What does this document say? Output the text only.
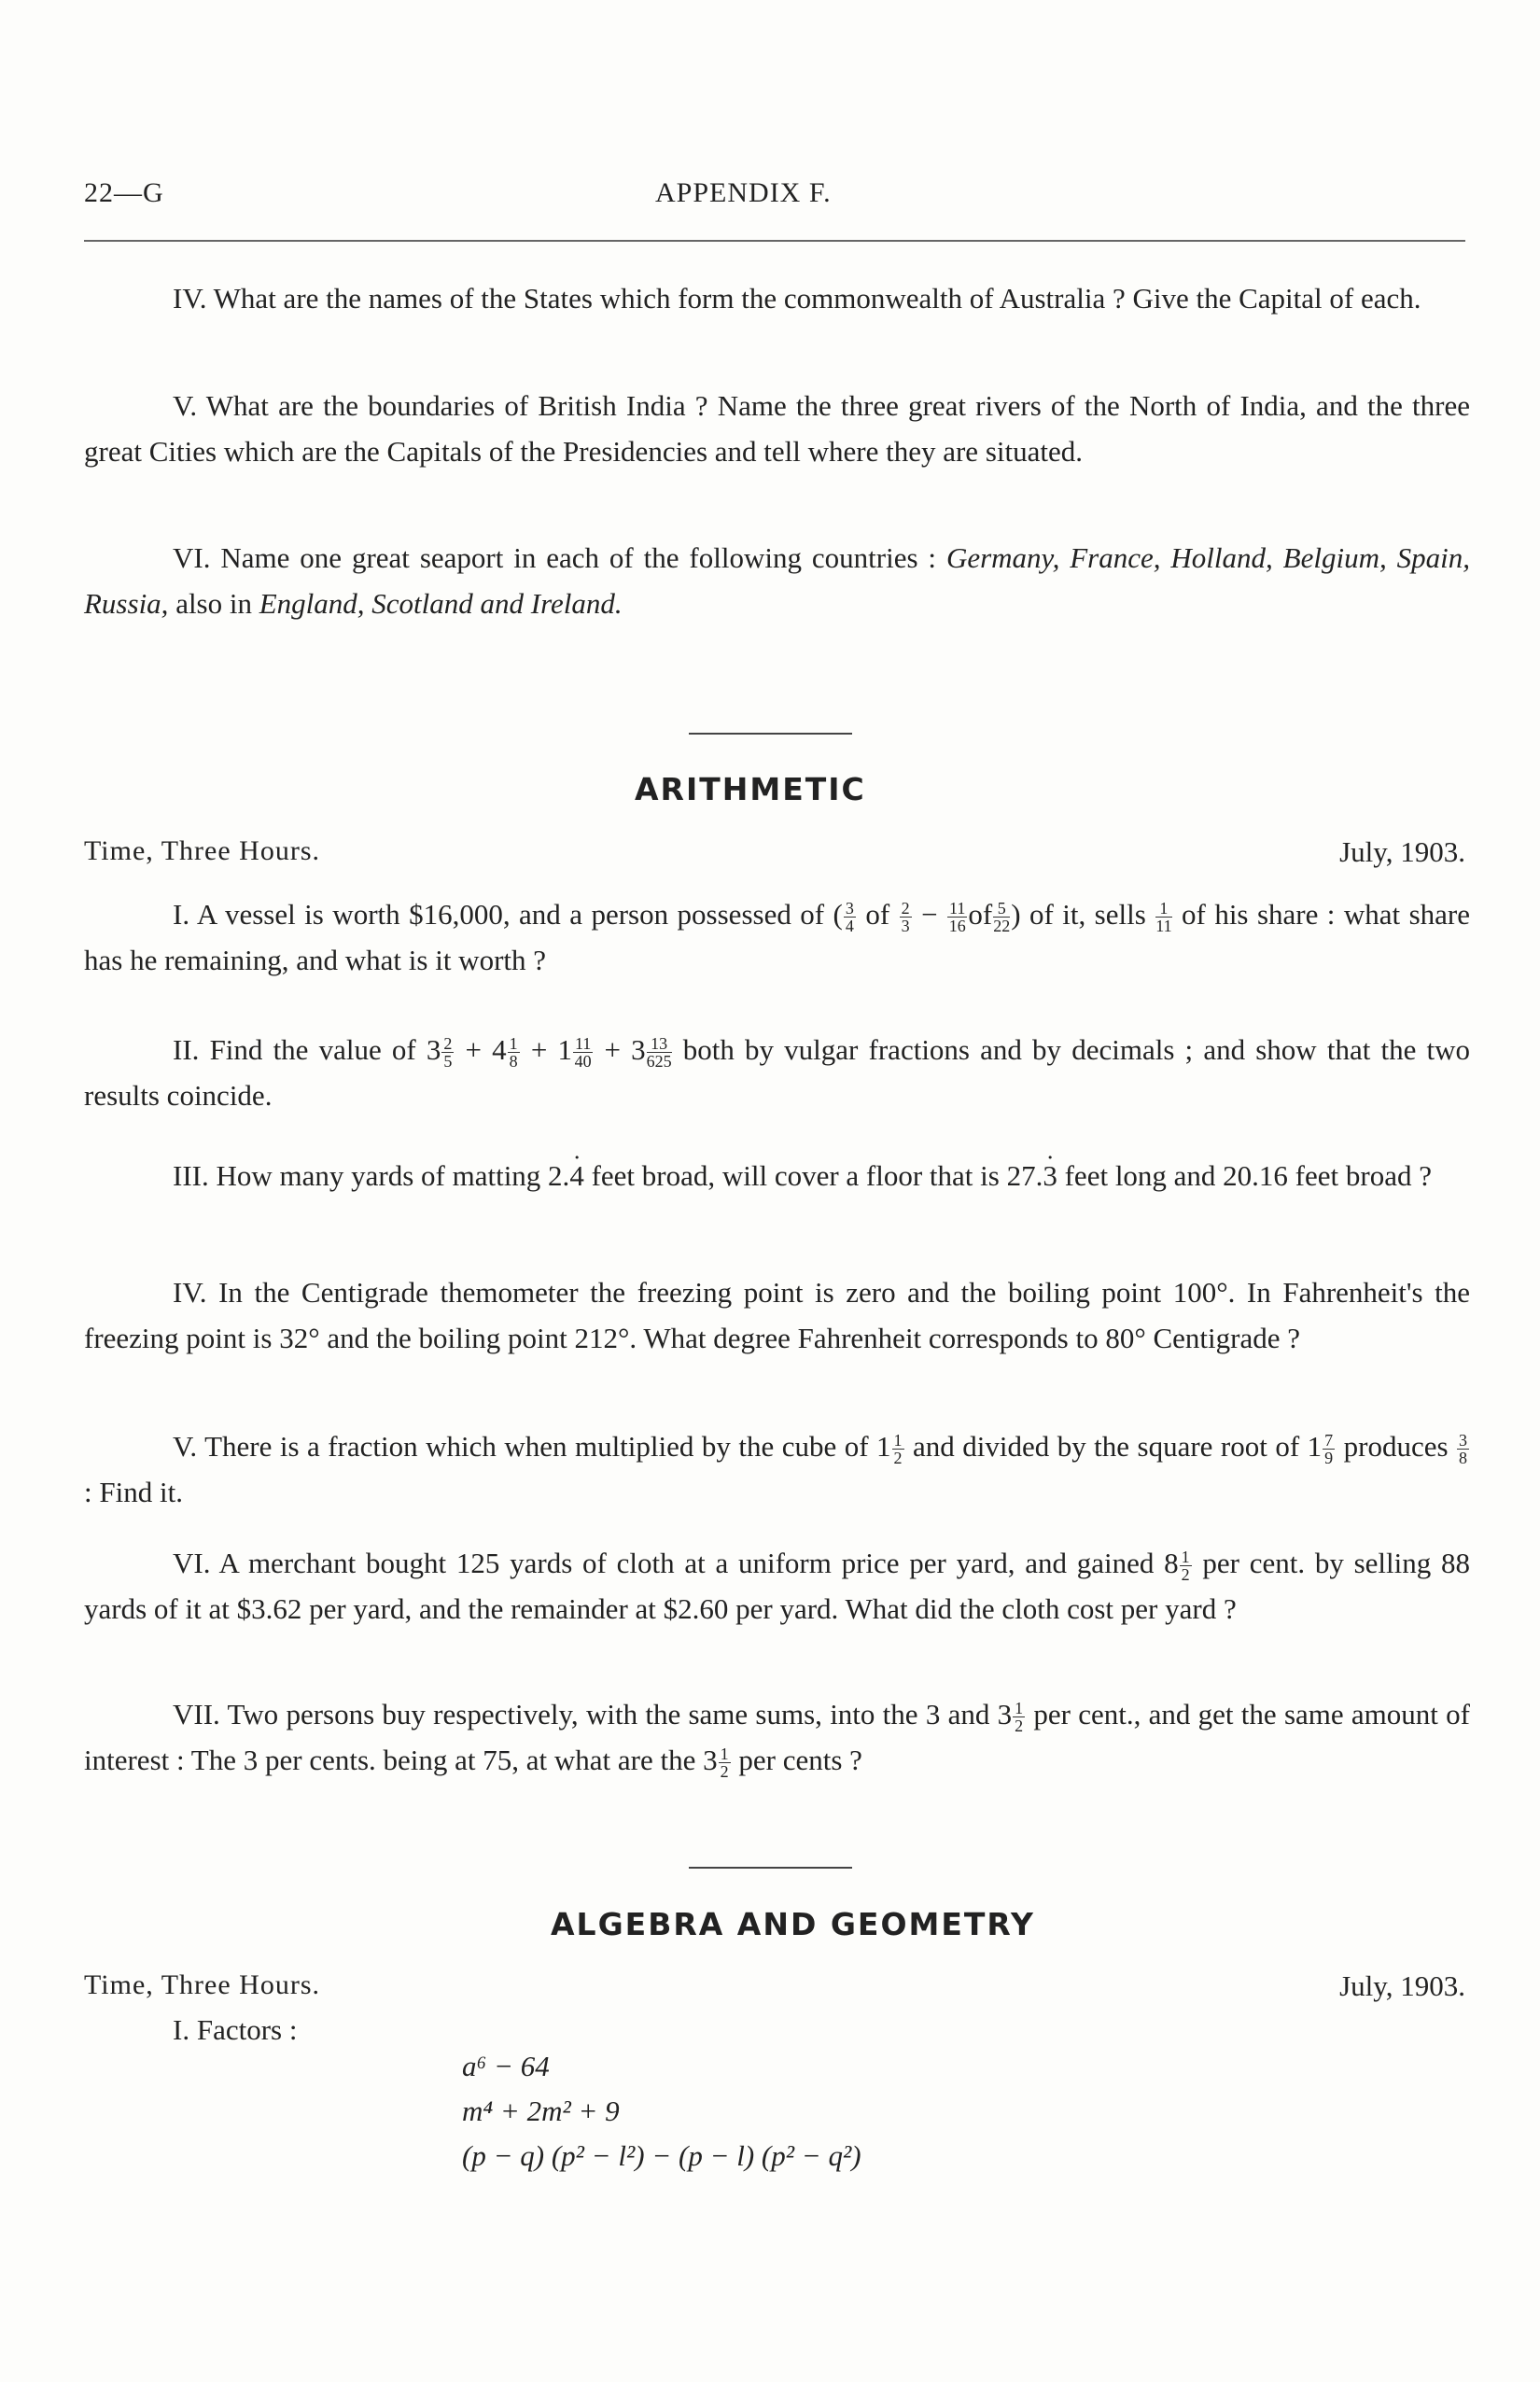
22—G	APPENDIX F.
IV. What are the names of the States which form the commonwealth of Australia ? Give the Capital of each.
V. What are the boundaries of British India ? Name the three great rivers of the North of India, and the three great Cities which are the Capitals of the Presidencies and tell where they are situated.
VI. Name one great seaport in each of the following countries : Germany, France, Holland, Belgium, Spain, Russia, also in England, Scotland and Ireland.
ARITHMETIC
Time, Three Hours.	July, 1903.
I. A vessel is worth $16,000, and a person possessed of ( $\frac{3}{4}$ of $\frac{2}{3} - \frac{11}{16}$ of $\frac{5}{22}$ ) of it, sells $\frac{1}{11}$ of his share : what share has he remaining, and what is it worth ?
II. Find the value of $3 \frac{2}{5} + 4 \frac{1}{8} + 1 \frac{11}{40} + 3 \frac{13}{625}$ both by vulgar fractions and by decimals ; and show that the two results coincide.
III. How many yards of matting 2.4 ˙ feet broad, will cover a floor that is 27.3 ˙ feet long and 20.16 feet broad ?
IV. In the Centigrade themometer the freezing point is zero and the boiling point 100°. In Fahrenheit's the freezing point is 32° and the boiling point 212°. What degree Fahrenheit corresponds to 80° Centigrade ?
V. There is a fraction which when multiplied by the cube of $1 \frac{1}{2}$ and divided by the square root of $1 \frac{7}{9}$ produces $\frac{3}{8}$
: Find it.
VI. A merchant bought 125 yards of cloth at a uniform price per yard, and gained $8 \frac{1}{2}$ per cent. by selling 88 yards of it at $3.62 per yard, and the remainder at $2.60 per yard. What did the cloth cost per yard ?
VII. Two persons buy respectively, with the same sums, into the 3 and $3 \frac{1}{2}$ per cent., and get the same amount of interest : The 3 per cents. being at 75, at what are the $3 \frac{1}{2}$ per cents ?
ALGEBRA AND GEOMETRY
Time, Three Hours.	July, 1903.
I. Factors :
a⁶ − 64
m⁴ + 2m² + 9
(p − q) (p² − l²) − (p − l) (p² − q²)
